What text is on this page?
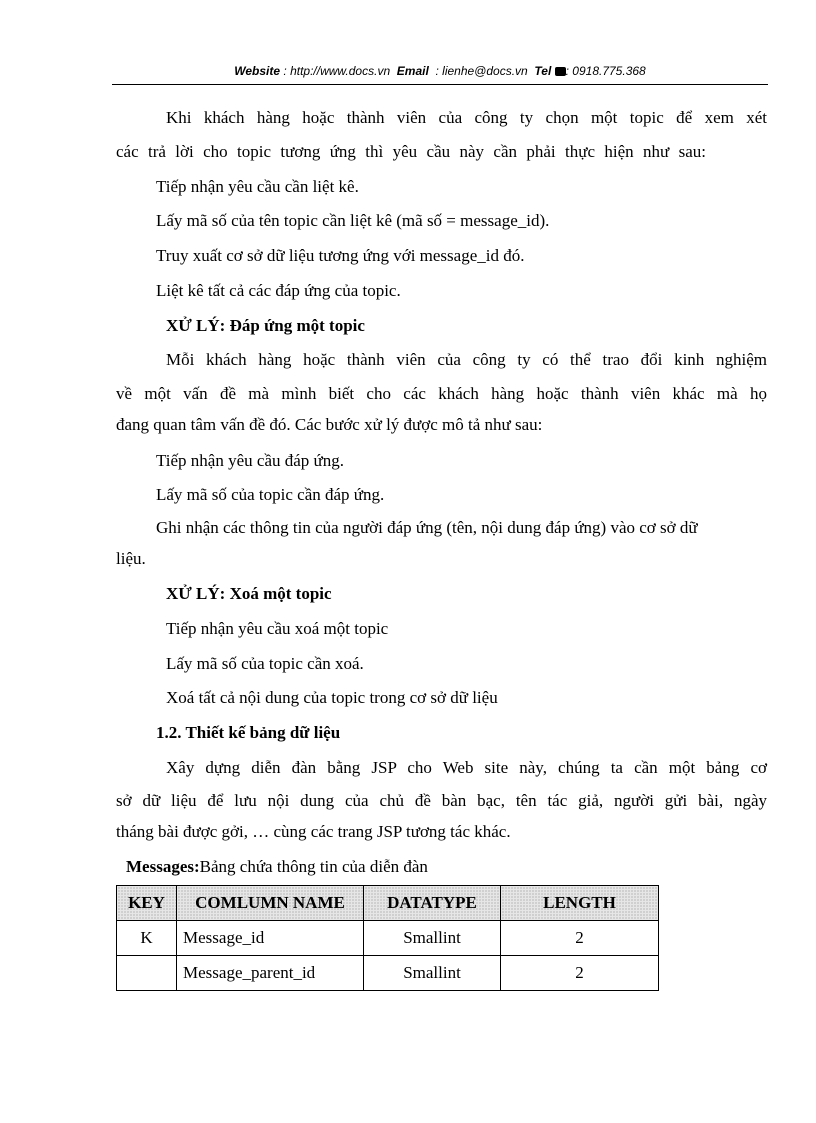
Website : http://www.docs.vn Email : lienhe@docs.vn Tel : 0918.775.368
Khi khách hàng hoặc thành viên của công ty chọn một topic để xem xét
các trả lời cho topic tương ứng thì yêu cầu này cần phải thực hiện như sau:
Tiếp nhận yêu cầu cần liệt kê.
Lấy mã số của tên topic cần liệt kê (mã số = message_id).
Truy xuất cơ sở dữ liệu tương ứng với message_id đó.
Liệt kê tất cả các đáp ứng của topic.
XỬ LÝ: Đáp ứng một topic
Mỗi khách hàng hoặc thành viên của công ty có thể trao đổi kinh nghiệm
về một vấn đề mà mình biết cho các khách hàng hoặc thành viên khác mà họ
đang quan tâm vấn đề đó. Các bước xử lý được mô tả như sau:
Tiếp nhận yêu cầu đáp ứng.
Lấy mã số của topic cần đáp ứng.
Ghi nhận các thông tin của người đáp ứng (tên, nội dung đáp ứng) vào cơ sở dữ
liệu.
XỬ LÝ: Xoá một topic
Tiếp nhận yêu cầu xoá một topic
Lấy mã số của topic cần xoá.
Xoá tất cả nội dung của topic trong cơ sở dữ liệu
1.2. Thiết kế bảng dữ liệu
Xây dựng diễn đàn bằng JSP cho Web site này, chúng ta cần một bảng cơ
sở dữ liệu để lưu nội dung của chủ đề bàn bạc, tên tác giả, người gửi bài, ngày
tháng bài được gởi, … cùng các trang JSP tương tác khác.
Messages:Bảng chứa thông tin của diễn đàn
KEY	COMLUMN NAME	DATATYPE	LENGTH
K	Message_id	Smallint	2
	Message_parent_id	Smallint	2
